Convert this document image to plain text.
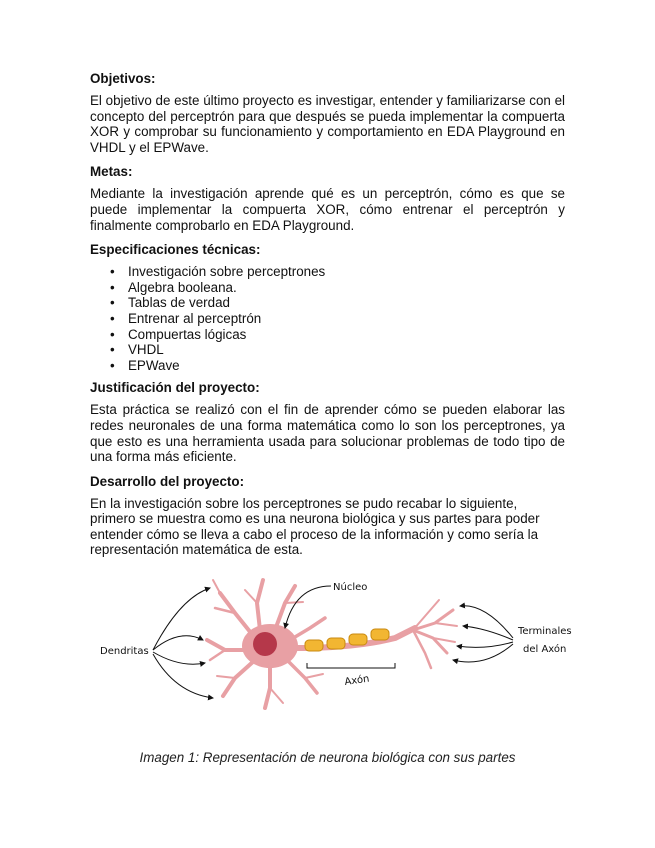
Objetivos:
El objetivo de este último proyecto es investigar, entender y familiarizarse con el concepto del perceptrón para que después se pueda implementar la compuerta XOR y comprobar su funcionamiento y comportamiento en EDA Playground en VHDL y el EPWave.
Metas:
Mediante la investigación aprende qué es un perceptrón, cómo es que se puede implementar la compuerta XOR, cómo entrenar el perceptrón y finalmente comprobarlo en EDA Playground.
Especificaciones técnicas:
• Investigación sobre perceptrones
• Algebra booleana.
• Tablas de verdad
• Entrenar al perceptrón
• Compuertas lógicas
• VHDL
• EPWave
Justificación del proyecto:
Esta práctica se realizó con el fin de aprender cómo se pueden elaborar las redes neuronales de una forma matemática como lo son los perceptrones, ya que esto es una herramienta usada para solucionar problemas de todo tipo de una forma más eficiente.
Desarrollo del proyecto:
En la investigación sobre los perceptrones se pudo recabar lo siguiente, primero se muestra como es una neurona biológica y sus partes para poder entender cómo se lleva a cabo el proceso de la información y como sería la representación matemática de esta.
Axón
Núcleo
Dendritas
Terminales
del Axón
Imagen 1: Representación de neurona biológica con sus partes
